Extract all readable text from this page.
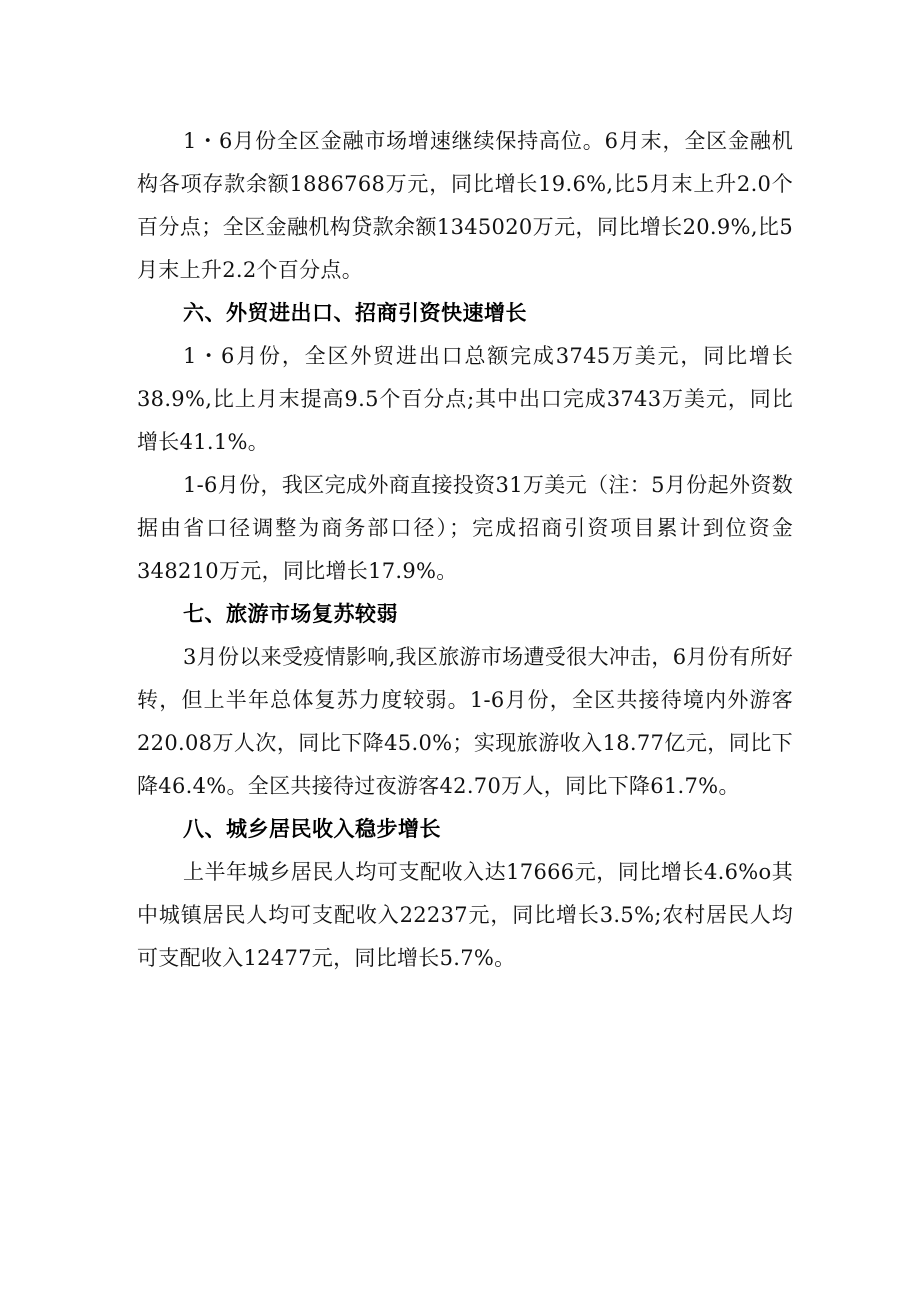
1・6月份全区金融市场增速继续保持高位。6月末，全区金融机构各项存款余额1886768万元，同比增长19.6%,比5月末上升2.0个百分点；全区金融机构贷款余额1345020万元，同比增长20.9%,比5月末上升2.2个百分点。

六、外贸进出口、招商引资快速增长

1・6月份，全区外贸进出口总额完成3745万美元，同比增长38.9%,比上月末提高9.5个百分点;其中出口完成3743万美元，同比增长41.1%。

1-6月份，我区完成外商直接投资31万美元（注：5月份起外资数据由省口径调整为商务部口径）；完成招商引资项目累计到位资金348210万元，同比增长17.9%。

七、旅游市场复苏较弱

3月份以来受疫情影响,我区旅游市场遭受很大冲击，6月份有所好转，但上半年总体复苏力度较弱。1-6月份，全区共接待境内外游客220.08万人次，同比下降45.0%；实现旅游收入18.77亿元，同比下降46.4%。全区共接待过夜游客42.70万人，同比下降61.7%。

八、城乡居民收入稳步增长

上半年城乡居民人均可支配收入达17666元，同比增长4.6%o其中城镇居民人均可支配收入22237元，同比增长3.5%;农村居民人均可支配收入12477元，同比增长5.7%。
